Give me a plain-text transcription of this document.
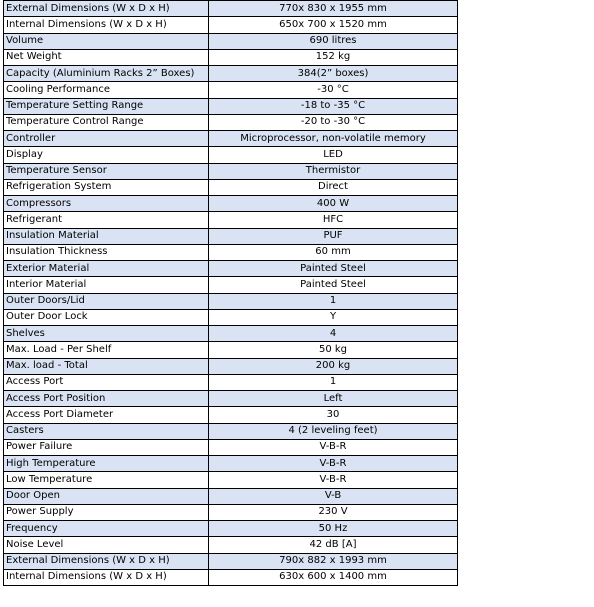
External Dimensions (W x D x H)	770x 830 x 1955 mm
Internal Dimensions (W x D x H)	650x 700 x 1520 mm
Volume	690 litres
Net Weight	152 kg
Capacity (Aluminium Racks 2” Boxes)	384(2” boxes)
Cooling Performance	-30 °C
Temperature Setting Range	-18 to -35 °C
Temperature Control Range	-20 to -30 °C
Controller	Microprocessor, non-volatile memory
Display	LED
Temperature Sensor	Thermistor
Refrigeration System	Direct
Compressors	400 W
Refrigerant	HFC
Insulation Material	PUF
Insulation Thickness	60 mm
Exterior Material	Painted Steel
Interior Material	Painted Steel
Outer Doors/Lid	1
Outer Door Lock	Y
Shelves	4
Max. Load - Per Shelf	50 kg
Max. load - Total	200 kg
Access Port	1
Access Port Position	Left
Access Port Diameter	30
Casters	4 (2 leveling feet)
Power Failure	V-B-R
High Temperature	V-B-R
Low Temperature	V-B-R
Door Open	V-B
Power Supply	230 V
Frequency	50 Hz
Noise Level	42 dB [A]
External Dimensions (W x D x H)	790x 882 x 1993 mm
Internal Dimensions (W x D x H)	630x 600 x 1400 mm
